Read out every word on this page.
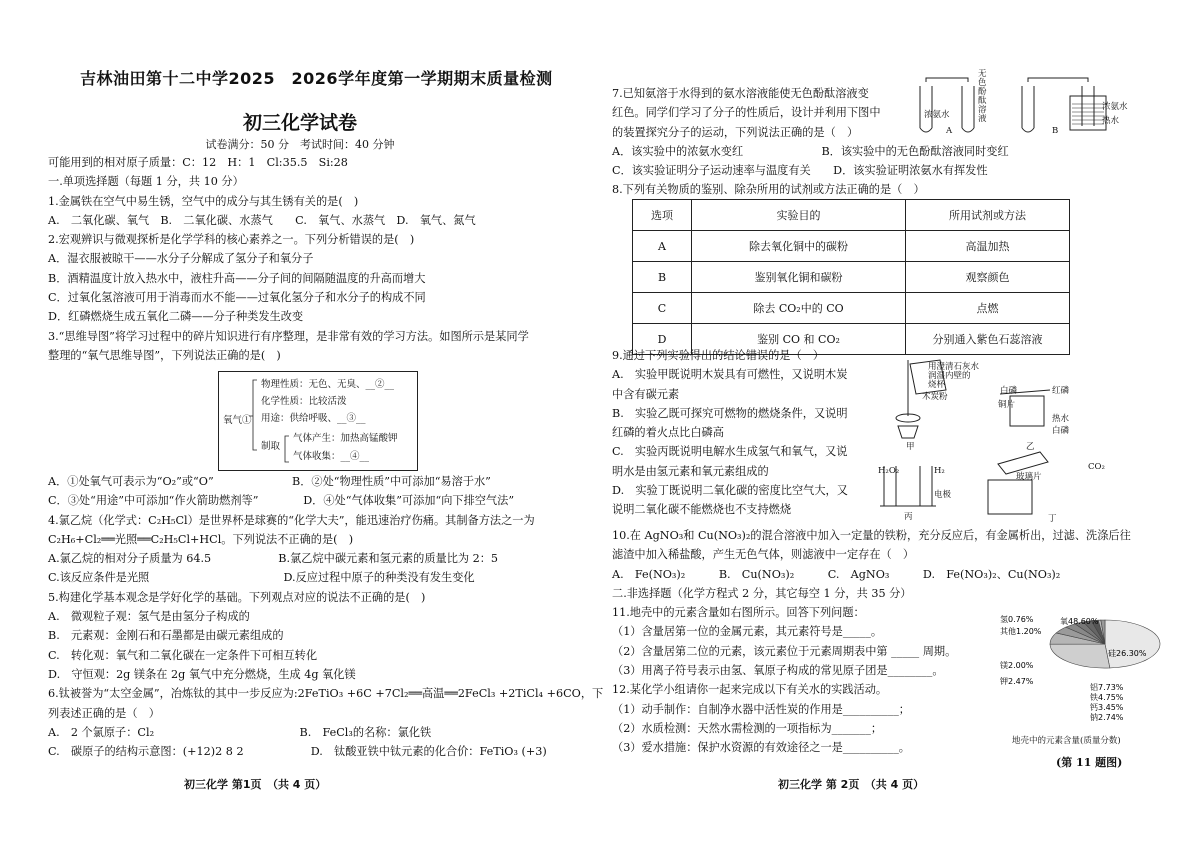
吉林油田第十二中学2025　2026学年度第一学期期末质量检测
初三化学试卷
试卷满分：50 分　考试时间：40 分钟
可能用到的相对原子质量：C：12　H：1　Cl:35.5　Si:28
一.单项选择题（每题 1 分，共 10 分）
1.金属铁在空气中易生锈，空气中的成分与其生锈有关的是(　)
A.　二氧化碳、氧气　B.　二氧化碳、水蒸气　　C.　氧气、水蒸气　D.　氧气、氮气
2.宏观辨识与微观探析是化学学科的核心素养之一。下列分析错误的是(　)
A．湿衣服被晾干——水分子分解成了氢分子和氧分子
B．酒精温度计放入热水中，液柱升高——分子间的间隔随温度的升高而增大
C．过氧化氢溶液可用于消毒而水不能——过氧化氢分子和水分子的构成不同
D．红磷燃烧生成五氧化二磷——分子种类发生改变
3.“思维导图”将学习过程中的碎片知识进行有序整理，是非常有效的学习方法。如图所示是某同学
整理的“氧气思维导图”，下列说法正确的是(　)
氧气①
物理性质：无色、无臭、__②__
化学性质：比较活泼
用途：供给呼吸、__③__
制取
气体产生：加热高锰酸钾
气体收集：__④__
A．①处氧气可表示为“O₂”或“O”　　　　　　　B．②处“物理性质”中可添加“易溶于水”
C．③处“用途”中可添加“作火箭助燃剂等”　　　　D．④处“气体收集”可添加“向下排空气法”
4.氯乙烷（化学式：C₂H₅Cl）是世界杯是球赛的“化学大夫”，能迅速治疗伤痛。其制备方法之一为
C₂H₆+Cl₂══光照══C₂H₅Cl+HCl。下列说法不正确的是(　)
A.氯乙烷的相对分子质量为 64.5　　　　　　B.氯乙烷中碳元素和氢元素的质量比为 2：5
C.该反应条件是光照　　　　　　　　　　　　D.反应过程中原子的种类没有发生变化
5.构建化学基本观念是学好化学的基础。下列观点对应的说法不正确的是(　)
A.　微观粒子观：氢气是由氢分子构成的
B.　元素观：金刚石和石墨都是由碳元素组成的
C.　转化观：氧气和二氧化碳在一定条件下可相互转化
D.　守恒观：2g 镁条在 2g 氧气中充分燃烧，生成 4g 氧化镁
6.钛被誉为“太空金属”，冶炼钛的其中一步反应为:2FeTiO₃ +6C +7Cl₂══高温══2FeCl₃ +2TiCl₄ +6CO，下
列表述正确的是（　）
A.　2 个氯原子：Cl₂　　　　　　　　　　　　　B.　FeCl₃的名称：氯化铁
C.　碳原子的结构示意图：(+12)2 8 2　　　　　　D.　钛酸亚铁中钛元素的化合价：FeTiO₃ (+3)
7.已知氨溶于水得到的氨水溶液能使无色酚酞溶液变
红色。同学们学习了分子的性质后，设计并利用下图中
的装置探究分子的运动，下列说法正确的是（　）
A．该实验中的浓氨水变红　　　　　　　B．该实验中的无色酚酞溶液同时变红
C．该实验证明分子运动速率与温度有关　　D．该实验证明浓氨水有挥发性
8.下列有关物质的鉴别、除杂所用的试剂或方法正确的是（　）
浓氨水
无色酚酞溶液
浓氨水
热水
A	B
选项	实验目的	所用试剂或方法
A	除去氧化铜中的碳粉	高温加热
B	鉴别氧化铜和碳粉	观察颜色
C	除去 CO₂中的 CO	点燃
D	鉴别 CO 和 CO₂	分别通入紫色石蕊溶液
9.通过下列实验得出的结论错误的是（　）
A.　实验甲既说明木炭具有可燃性，又说明木炭
中含有碳元素
B.　实验乙既可探究可燃物的燃烧条件，又说明
红磷的着火点比白磷高
C.　实验丙既说明电解水生成氢气和氧气，又说
明水是由氢元素和氧元素组成的
D.　实验丁既说明二氧化碳的密度比空气大，又
说明二氧化碳不能燃烧也不支持燃烧
用澄清石灰水
润湿内壁的
烧杯
木炭粉
甲
白磷	红磷
铜片
热水
白磷
乙
H₂O₂	H₂
电极
丙
玻璃片
CO₂
丁
10.在 AgNO₃和 Cu(NO₃)₂的混合溶液中加入一定量的铁粉，充分反应后，有金属析出，过滤、洗涤后往
滤渣中加入稀盐酸，产生无色气体，则滤液中一定存在（　）
A.　Fe(NO₃)₂　　　B.　Cu(NO₃)₂　　　C.　AgNO₃　　　D.　Fe(NO₃)₂、Cu(NO₃)₂
二.非选择题（化学方程式 2 分，其它每空 1 分，共 35 分）
11.地壳中的元素含量如右图所示。回答下列问题：
（1）含量居第一位的金属元素，其元素符号是_____。
（2）含量居第二位的元素，该元素位于元素周期表中第 _____ 周期。
（3）用离子符号表示由氢、氧原子构成的常见原子团是________。
12.某化学小组请你一起来完成以下有关水的实践活动。
（1）动手制作：自制净水器中活性炭的作用是__________；
（2）水质检测：天然水需检测的一项指标为_______；
（3）爱水措施：保护水资源的有效途径之一是__________。
氧48.60%
硅26.30%
铝7.73%
铁4.75%
钙3.45%
钠2.74%
钾2.47%
镁2.00%
氢0.76%
其他1.20%
地壳中的元素含量(质量分数)
(第 11 题图)
初三化学 第1页　（共 4 页）	初三化学 第 2页　（共 4 页）
